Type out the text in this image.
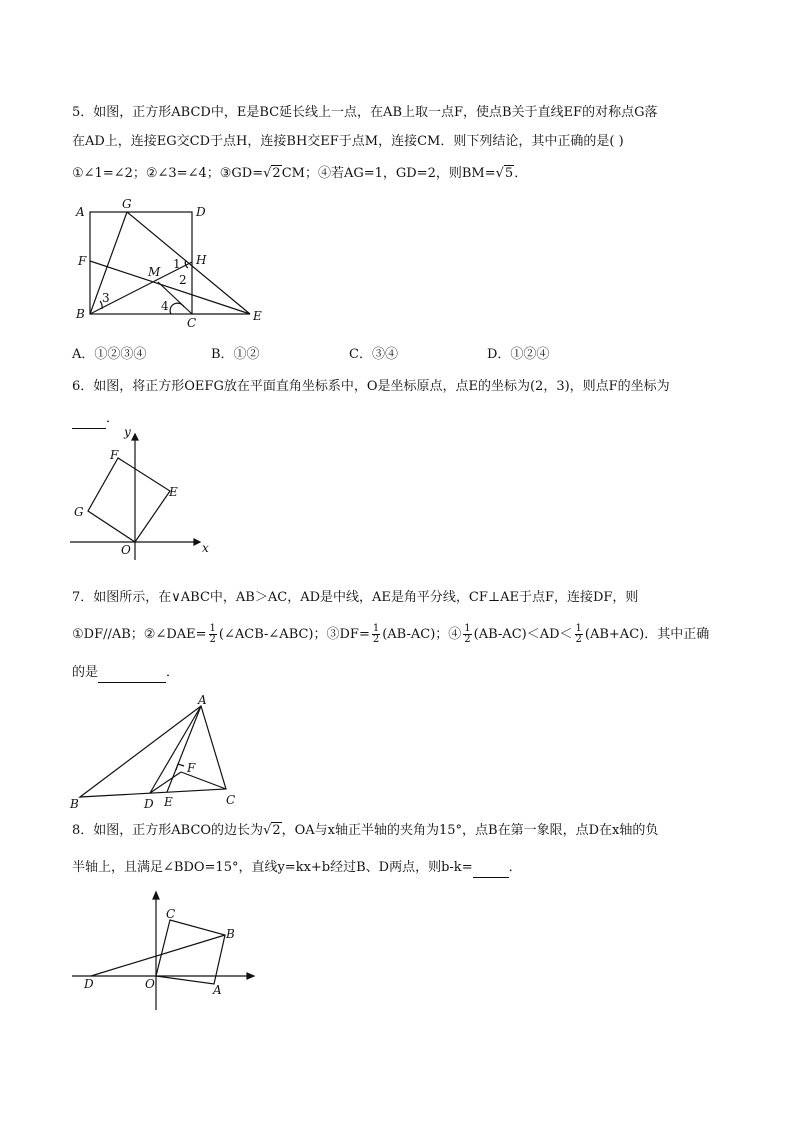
5．如图，正方形ABCD中，E是BC延长线上一点，在AB上取一点F，使点B关于直线EF的对称点G落
在AD上，连接EG交CD于点H，连接BH交EF于点M，连接CM．则下列结论，其中正确的是( )
①∠1=∠2；②∠3=∠4；③GD=√2CM；④若AG=1，GD=2，则BM=√5．
A
G
D
F	H
M
B
C	E
1
2
3
4
A．①②③④	B．①②	C．③④	D．①②④
6．如图，将正方形OEFG放在平面直角坐标系中，O是坐标原点，点E的坐标为(2，3)，则点F的坐标为
．
y
x
F
G
E
O
7．如图所示，在∨ABC中，AB＞AC，AD是中线，AE是角平分线，CF⊥AE于点F，连接DF，则
①DF//AB；②∠DAE= $\frac{1}{2}$ (∠ACB-∠ABC)；③DF= $\frac{1}{2} (AB-AC)$；④ $\frac{1}{2} (AB-AC)<AD< \frac{1}{2} (AB+AC)$．其中正确
的是	．
B
A
C
D E
F
8．如图，正方形ABCO的边长为√2，OA与x轴正半轴的夹角为15°，点B在第一象限，点D在x轴的负
半轴上，且满足∠BDO=15°，直线y=kx+b经过B、D两点，则b-k=	．
C
B
D	O	A
